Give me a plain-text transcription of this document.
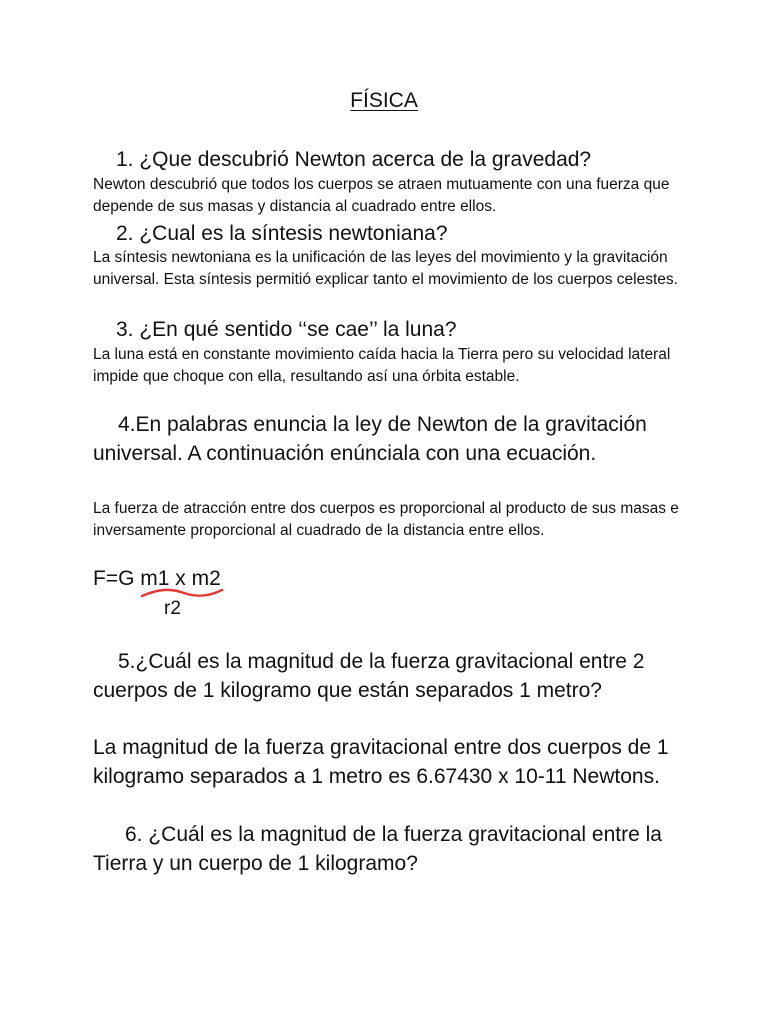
FÍSICA
1. ¿Que descubrió Newton acerca de la gravedad?
Newton descubrió que todos los cuerpos se atraen mutuamente con una fuerza que depende de sus masas y distancia al cuadrado entre ellos.
2. ¿Cual es la síntesis newtoniana?
La síntesis newtoniana es la unificación de las leyes del movimiento y la gravitación universal. Esta síntesis permitió explicar tanto el movimiento de los cuerpos celestes.
3. ¿En qué sentido ‘‘se cae’’ la luna?
La luna está en constante movimiento caída hacia la Tierra pero su velocidad lateral impide que choque con ella, resultando así una órbita estable.
4.En palabras enuncia la ley de Newton de la gravitación universal. A continuación enúnciala con una ecuación.
La fuerza de atracción entre dos cuerpos es proporcional al producto de sus masas e inversamente proporcional al cuadrado de la distancia entre ellos.
F=G m1 x m2
r2
5.¿Cuál es la magnitud de la fuerza gravitacional entre 2 cuerpos de 1 kilogramo que están separados 1 metro?
La magnitud de la fuerza gravitacional entre dos cuerpos de 1 kilogramo separados a 1 metro es 6.67430 x 10-11 Newtons.
6. ¿Cuál es la magnitud de la fuerza gravitacional entre la Tierra y un cuerpo de 1 kilogramo?
